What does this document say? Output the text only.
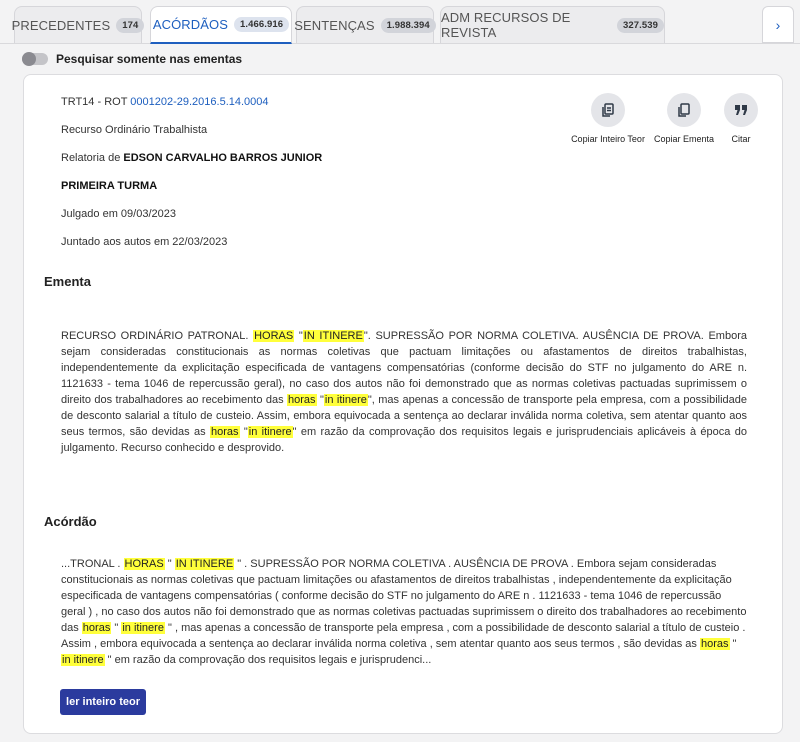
PRECEDENTES	174	ACÓRDÃOS	1.466.916 SENTENÇAS	1.988.394 ADM RECURSOS DE REVISTA	327.539	›
Pesquisar somente nas ementas
TRT14 - ROT 0001202-29.2016.5.14.0004
Recurso Ordinário Trabalhista
Relatoria de EDSON CARVALHO BARROS JUNIOR
PRIMEIRA TURMA
Julgado em 09/03/2023
Juntado aos autos em 22/03/2023
Copiar Inteiro Teor Copiar Ementa Citar
Ementa
RECURSO ORDINÁRIO PATRONAL. HORAS "IN ITINERE". SUPRESSÃO POR NORMA COLETIVA. AUSÊNCIA DE PROVA. Embora sejam consideradas constitucionais as normas coletivas que pactuam limitações ou afastamentos de direitos trabalhistas, independentemente da explicitação especificada de vantagens compensatórias (conforme decisão do STF no julgamento do ARE n. 1121633 - tema 1046 de repercussão geral), no caso dos autos não foi demonstrado que as normas coletivas pactuadas suprimissem o direito dos trabalhadores ao recebimento das horas "in itinere", mas apenas a concessão de transporte pela empresa, com a possibilidade de desconto salarial a título de custeio. Assim, embora equivocada a sentença ao declarar inválida norma coletiva, sem atentar quanto aos seus termos, são devidas as horas "in itinere" em razão da comprovação dos requisitos legais e jurisprudenciais aplicáveis à época do julgamento. Recurso conhecido e desprovido.
Acórdão
...TRONAL . HORAS " IN ITINERE " . SUPRESSÃO POR NORMA COLETIVA . AUSÊNCIA DE PROVA . Embora sejam consideradas constitucionais as normas coletivas que pactuam limitações ou afastamentos de direitos trabalhistas , independentemente da explicitação especificada de vantagens compensatórias ( conforme decisão do STF no julgamento do ARE n . 1121633 - tema 1046 de repercussão geral ) , no caso dos autos não foi demonstrado que as normas coletivas pactuadas suprimissem o direito dos trabalhadores ao recebimento das horas " in itinere " , mas apenas a concessão de transporte pela empresa , com a possibilidade de desconto salarial a título de custeio . Assim , embora equivocada a sentença ao declarar inválida norma coletiva , sem atentar quanto aos seus termos , são devidas as horas " in itinere " em razão da comprovação dos requisitos legais e jurisprudenci...
ler inteiro teor
